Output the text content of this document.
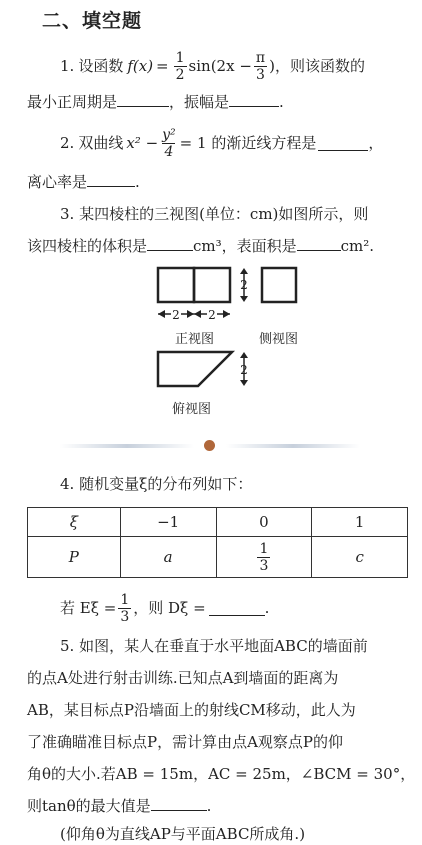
二、填空题
1. 设函数 $f(x) = \frac{1}{2} \sin(2x - \frac{\pi}{3}$ )，则该函数的
最小正周期是	，振幅是	.
2. 双曲线 $x^2 - \frac{\text{y²}}{4} = 1$ 的渐近线方程是	，
离心率是	.
3. 某四棱柱的三视图(单位：cm)如图所示，则
该四棱柱的体积是	cm³，表面积是	cm².
2
2 2
2
正视图	侧视图
俯视图
4. 随机变量ξ的分布列如下：
ξ	−1	0	1
P	a	$\frac{1}{3}$	c
若 $E\xi = \frac{1}{3}$ ，则 Dξ =	.
5. 如图，某人在垂直于水平地面ABC的墙面前
的点A处进行射击训练.已知点A到墙面的距离为
AB，某目标点P沿墙面上的射线CM移动，此人为
了准确瞄准目标点P，需计算由点A观察点P的仰
角θ的大小.若AB = 15m，AC = 25m，∠BCM = 30°，
则tanθ的最大值是	.
(仰角θ为直线AP与平面ABC所成角.)
